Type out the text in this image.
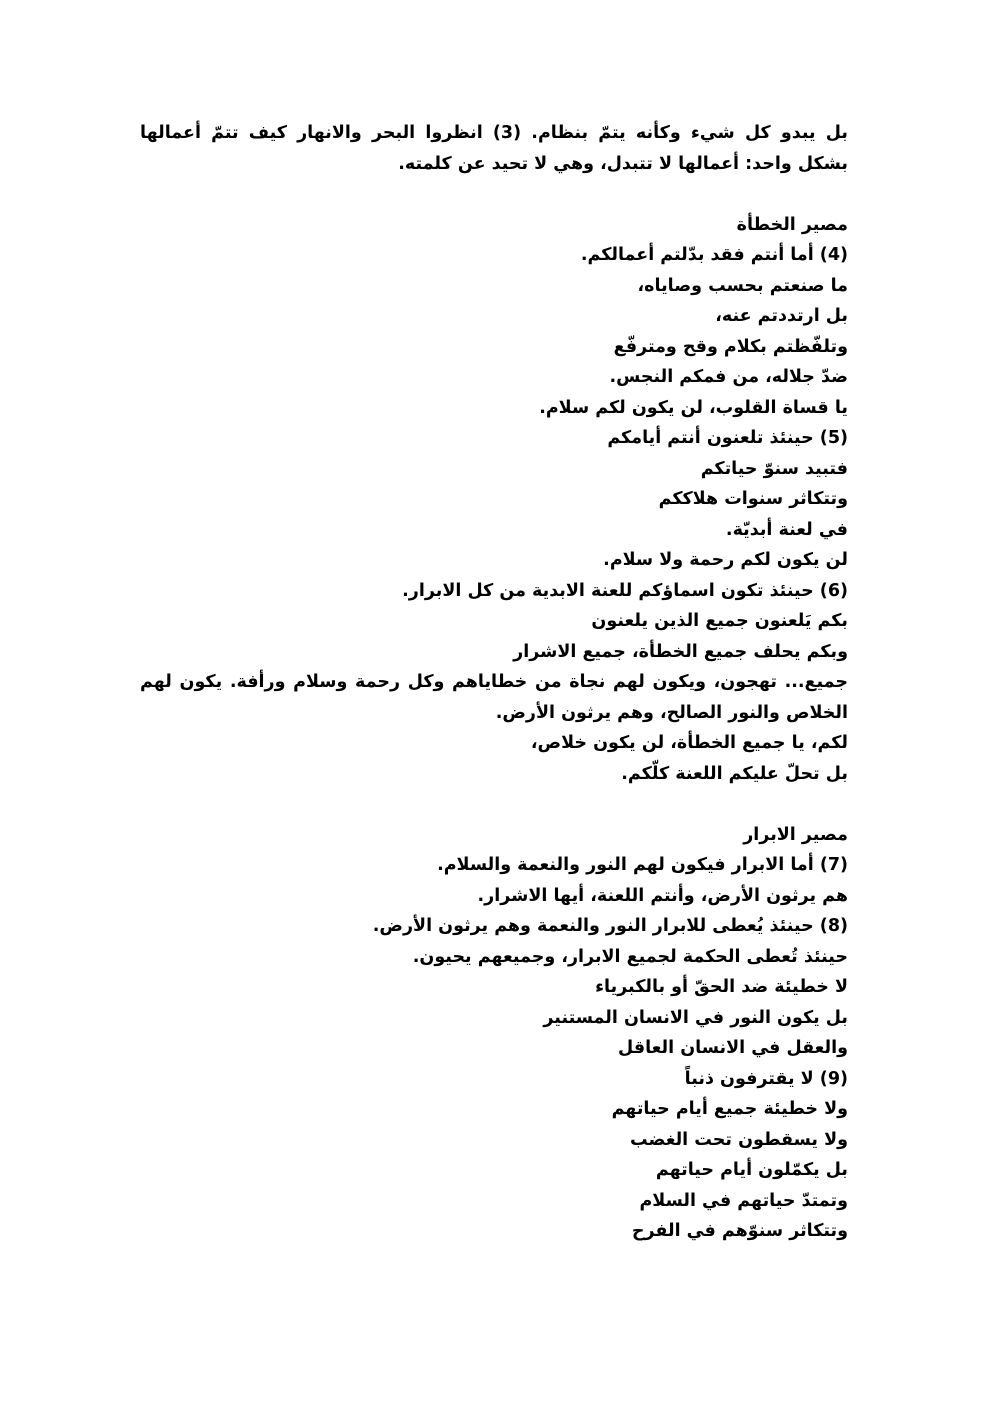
بل يبدو كل شيء وكأنه يتمّ بنظام. (3) انظروا البحر والانهار كيف تتمّ أعمالها
بشكل واحد: أعمالها لا تتبدل، وهي لا تحيد عن كلمته.
مصير الخطأة
(4) أما أنتم فقد بدّلتم أعمالكم.
ما صنعتم بحسب وصاياه،
بل ارتددتم عنه،
وتلفّظتم بكلام وقح ومترفّع
ضدّ جلاله، من فمكم النجس.
يا قساة القلوب، لن يكون لكم سلام.
(5) حينئذ تلعنون أنتم أيامكم
فتبيد سنوّ حياتكم
وتتكاثر سنوات هلاككم
في لعنة أبديّة.
لن يكون لكم رحمة ولا سلام.
(6) حينئذ تكون اسماؤكم للعنة الابدية من كل الابرار.
بكم يَلعنون جميع الذين يلعنون
وبكم يحلف جميع الخطأة، جميع الاشرار
جميع... تهجون، ويكون لهم نجاة من خطاياهم وكل رحمة وسلام ورأفة. يكون لهم
الخلاص والنور الصالح، وهم يرثون الأرض.
لكم، يا جميع الخطأة، لن يكون خلاص،
بل تحلّ عليكم اللعنة كلّكم.
مصير الابرار
(7) أما الابرار فيكون لهم النور والنعمة والسلام.
هم يرثون الأرض، وأنتم اللعنة، أيها الاشرار.
(8) حينئذ يُعطى للابرار النور والنعمة وهم يرثون الأرض.
حينئذ تُعطى الحكمة لجميع الابرار، وجميعهم يحيون.
لا خطيئة ضد الحقّ أو بالكبرياء
بل يكون النور في الانسان المستنير
والعقل في الانسان العاقل
(9) لا يقترفون ذنباً
ولا خطيئة جميع أيام حياتهم
ولا يسقطون تحت الغضب
بل يكمّلون أيام حياتهم
وتمتدّ حياتهم في السلام
وتتكاثر سنوّهم في الفرح
